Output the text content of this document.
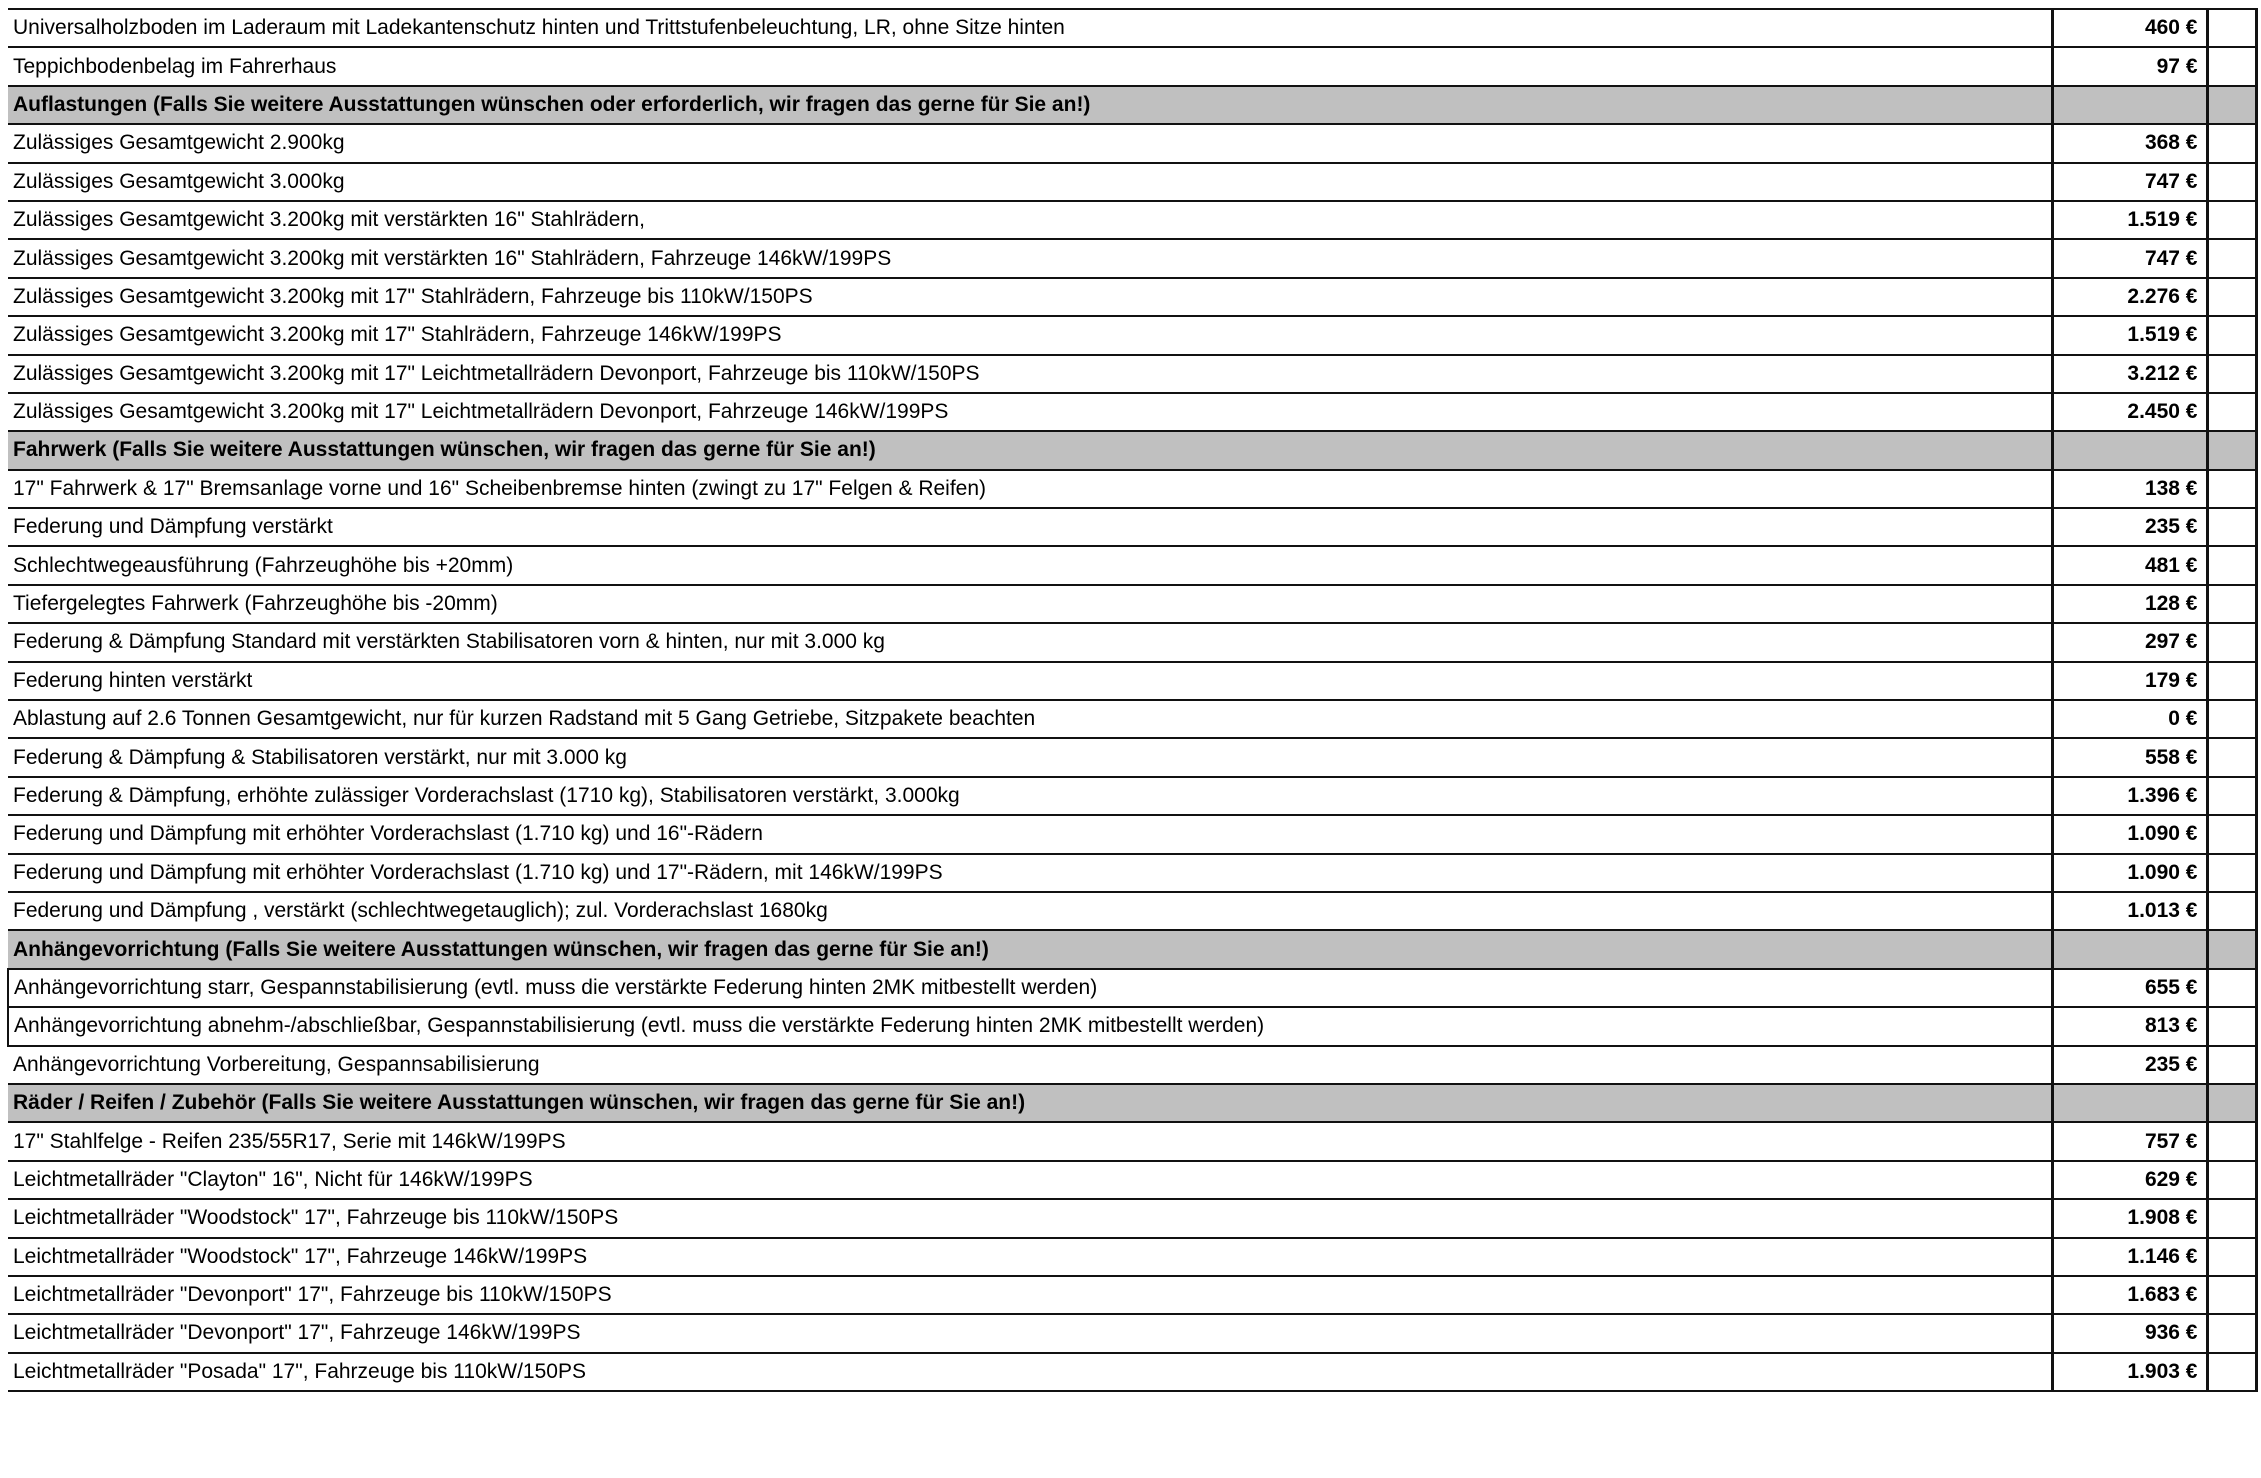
Universalholzboden im Laderaum mit Ladekantenschutz hinten und Trittstufenbeleuchtung, LR, ohne Sitze hinten	460 €	
Teppichbodenbelag im Fahrerhaus	97 €	
Auflastungen (Falls Sie weitere Ausstattungen wünschen oder erforderlich, wir fragen das gerne für Sie an!)		
Zulässiges Gesamtgewicht 2.900kg	368 €	
Zulässiges Gesamtgewicht 3.000kg	747 €	
Zulässiges Gesamtgewicht 3.200kg mit verstärkten 16" Stahlrädern,	1.519 €	
Zulässiges Gesamtgewicht 3.200kg mit verstärkten 16" Stahlrädern, Fahrzeuge 146kW/199PS	747 €	
Zulässiges Gesamtgewicht 3.200kg mit 17" Stahlrädern, Fahrzeuge bis 110kW/150PS	2.276 €	
Zulässiges Gesamtgewicht 3.200kg mit 17" Stahlrädern, Fahrzeuge 146kW/199PS	1.519 €	
Zulässiges Gesamtgewicht 3.200kg mit 17" Leichtmetallrädern Devonport, Fahrzeuge bis 110kW/150PS	3.212 €	
Zulässiges Gesamtgewicht 3.200kg mit 17" Leichtmetallrädern Devonport, Fahrzeuge 146kW/199PS	2.450 €	
Fahrwerk (Falls Sie weitere Ausstattungen wünschen, wir fragen das gerne für Sie an!)		
17" Fahrwerk & 17" Bremsanlage vorne und 16" Scheibenbremse hinten (zwingt zu 17" Felgen & Reifen)	138 €	
Federung und Dämpfung verstärkt	235 €	
Schlechtwegeausführung (Fahrzeughöhe bis +20mm)	481 €	
Tiefergelegtes Fahrwerk (Fahrzeughöhe bis -20mm)	128 €	
Federung & Dämpfung Standard mit verstärkten Stabilisatoren vorn & hinten, nur mit 3.000 kg	297 €	
Federung hinten verstärkt	179 €	
Ablastung auf 2.6 Tonnen Gesamtgewicht, nur für kurzen Radstand mit 5 Gang Getriebe, Sitzpakete beachten	0 €	
Federung & Dämpfung & Stabilisatoren verstärkt, nur mit 3.000 kg	558 €	
Federung & Dämpfung, erhöhte zulässiger Vorderachslast (1710 kg), Stabilisatoren verstärkt, 3.000kg	1.396 €	
Federung und Dämpfung mit erhöhter Vorderachslast (1.710 kg) und 16"-Rädern	1.090 €	
Federung und Dämpfung mit erhöhter Vorderachslast (1.710 kg) und 17"-Rädern, mit 146kW/199PS	1.090 €	
Federung und Dämpfung , verstärkt (schlechtwegetauglich); zul. Vorderachslast 1680kg	1.013 €	
Anhängevorrichtung (Falls Sie weitere Ausstattungen wünschen, wir fragen das gerne für Sie an!)		
Anhängevorrichtung starr, Gespannstabilisierung (evtl. muss die verstärkte Federung hinten 2MK mitbestellt werden)	655 €	
Anhängevorrichtung abnehm-/abschließbar, Gespannstabilisierung (evtl. muss die verstärkte Federung hinten 2MK mitbestellt werden)	813 €	
Anhängevorrichtung Vorbereitung, Gespannsabilisierung	235 €	
Räder / Reifen / Zubehör (Falls Sie weitere Ausstattungen wünschen, wir fragen das gerne für Sie an!)		
17" Stahlfelge - Reifen 235/55R17, Serie mit 146kW/199PS	757 €	
Leichtmetallräder "Clayton" 16", Nicht für 146kW/199PS	629 €	
Leichtmetallräder "Woodstock" 17", Fahrzeuge bis 110kW/150PS	1.908 €	
Leichtmetallräder "Woodstock" 17", Fahrzeuge 146kW/199PS	1.146 €	
Leichtmetallräder "Devonport" 17", Fahrzeuge bis 110kW/150PS	1.683 €	
Leichtmetallräder "Devonport" 17", Fahrzeuge 146kW/199PS	936 €	
Leichtmetallräder "Posada" 17", Fahrzeuge bis 110kW/150PS	1.903 €	
